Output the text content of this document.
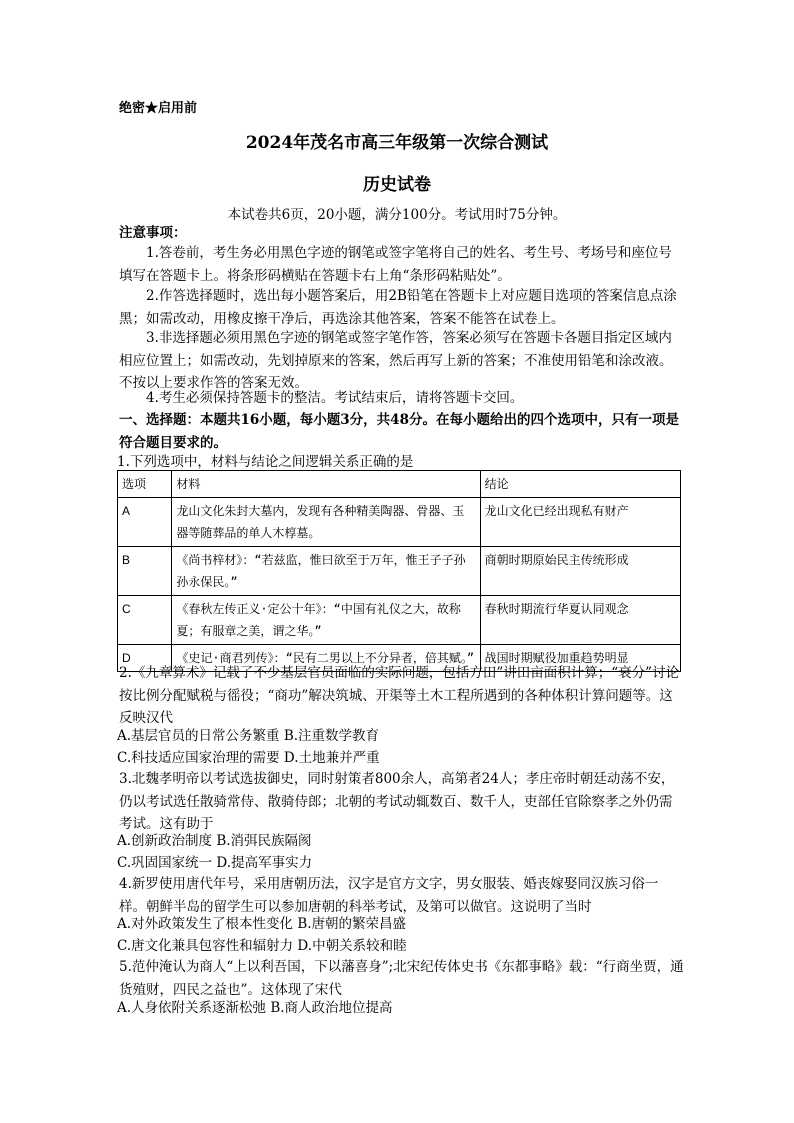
绝密★启用前
2024年茂名市高三年级第一次综合测试
历史试卷
本试卷共6页，20小题，满分100分。考试用时75分钟。
注意事项：
1.答卷前，考生务必用黑色字迹的钢笔或签字笔将自己的姓名、考生号、考场号和座位号填写在答题卡上。将条形码横贴在答题卡右上角“条形码粘贴处”。
2.作答选择题时，选出每小题答案后，用2B铅笔在答题卡上对应题目选项的答案信息点涂黑；如需改动，用橡皮擦干净后，再选涂其他答案，答案不能答在试卷上。
3.非选择题必须用黑色字迹的钢笔或签字笔作答，答案必须写在答题卡各题目指定区域内相应位置上；如需改动，先划掉原来的答案，然后再写上新的答案；不准使用铅笔和涂改液。不按以上要求作答的答案无效。
4.考生必须保持答题卡的整洁。考试结束后，请将答题卡交回。
一、选择题：本题共16小题，每小题3分，共48分。在每小题给出的四个选项中，只有一项是符合题目要求的。
1.下列选项中，材料与结论之间逻辑关系正确的是
选项	材料	结论
A	龙山文化朱封大墓内，发现有各种精美陶器、骨器、玉器等随葬品的单人木椁墓。	龙山文化已经出现私有财产
B	《尚书梓材》：“若兹监，惟曰欲至于万年，惟王子子孙孙永保民。”	商朝时期原始民主传统形成
C	《春秋左传正义·定公十年》：“中国有礼仪之大，故称夏；有服章之美，谓之华。”	春秋时期流行华夏认同观念
D	《史记·商君列传》：“民有二男以上不分异者，倍其赋。”	战国时期赋役加重趋势明显
2.《九章算术》记载了不少基层官员面临的实际问题，包括方田”讲田亩面积计算；“衰分”讨论按比例分配赋税与徭役；“商功”解决筑城、开渠等土木工程所遇到的各种体积计算问题等。这反映汉代
A.基层官员的日常公务繁重 B.注重数学教育
C.科技适应国家治理的需要 D.土地兼并严重
3.北魏孝明帝以考试选拔御史，同时射策者800余人，高第者24人；孝庄帝时朝廷动荡不安，仍以考试选任散骑常侍、散骑侍郎；北朝的考试动辄数百、数千人，吏部任官除察孝之外仍需考试。这有助于
A.创新政治制度 B.消弭民族隔阂
C.巩固国家统一 D.提高军事实力
4.新罗使用唐代年号，采用唐朝历法，汉字是官方文字，男女服装、婚丧嫁娶同汉族习俗一样。朝鲜半岛的留学生可以参加唐朝的科举考试，及第可以做官。这说明了当时
A.对外政策发生了根本性变化 B.唐朝的繁荣昌盛
C.唐文化兼具包容性和辐射力 D.中朝关系较和睦
5.范仲淹认为商人“上以利吾国，下以藩喜身”;北宋纪传体史书《东都事略》载：“行商坐贾，通货殖财，四民之益也”。这体现了宋代
A.人身依附关系逐渐松弛 B.商人政治地位提高
